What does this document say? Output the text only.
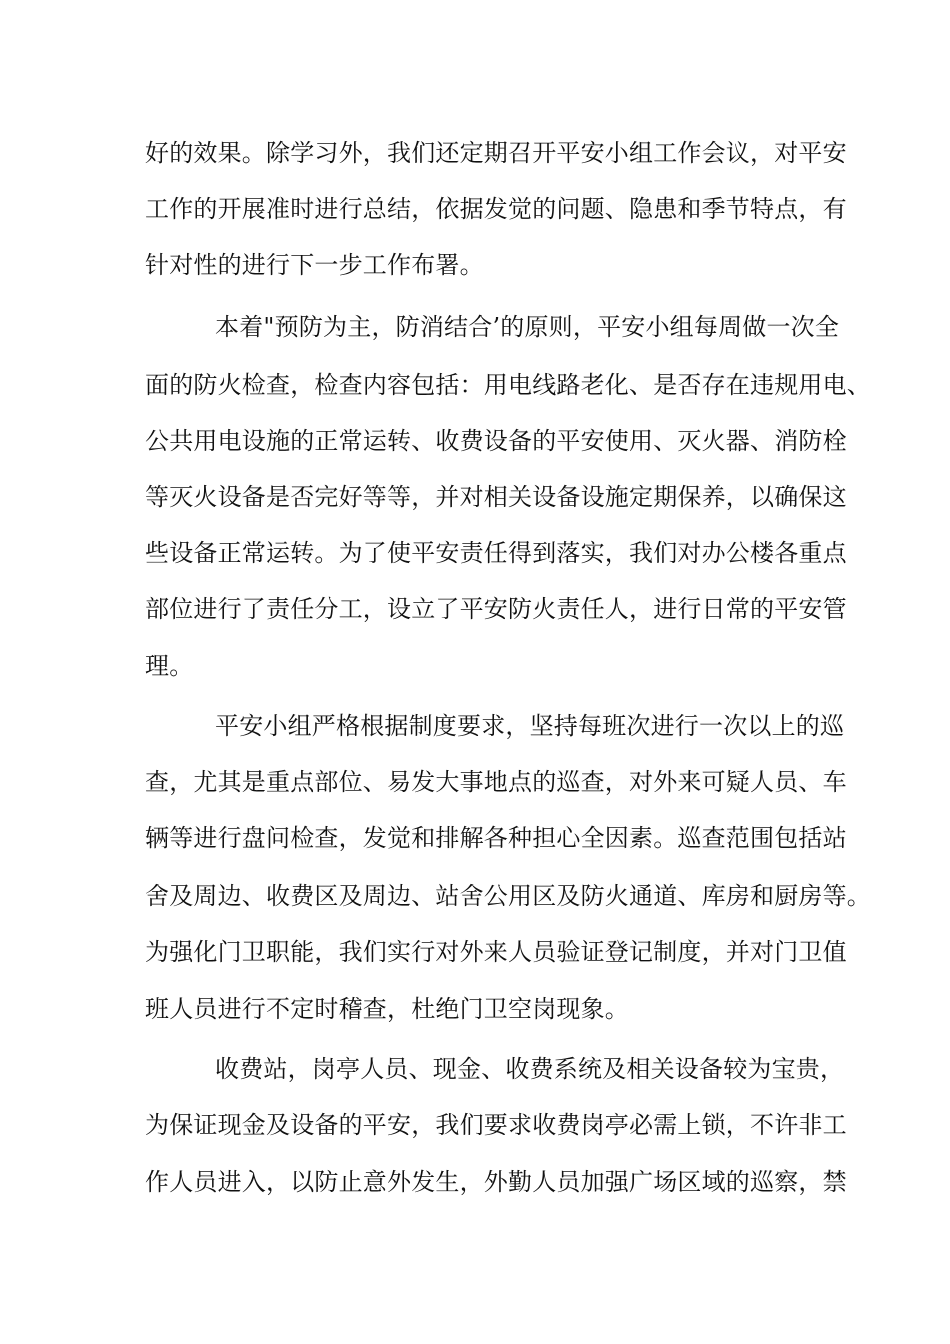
好的效果。除学习外，我们还定期召开平安小组工作会议，对平安
工作的开展准时进行总结，依据发觉的问题、隐患和季节特点，有
针对性的进行下一步工作布署。
本着"预防为主，防消结合’的原则，平安小组每周做一次全
面的防火检查，检查内容包括：用电线路老化、是否存在违规用电、
公共用电设施的正常运转、收费设备的平安使用、灭火器、消防栓
等灭火设备是否完好等等，并对相关设备设施定期保养，以确保这
些设备正常运转。为了使平安责任得到落实，我们对办公楼各重点
部位进行了责任分工，设立了平安防火责任人，进行日常的平安管
理。
平安小组严格根据制度要求，坚持每班次进行一次以上的巡
查，尤其是重点部位、易发大事地点的巡查，对外来可疑人员、车
辆等进行盘问检查，发觉和排解各种担心全因素。巡查范围包括站
舍及周边、收费区及周边、站舍公用区及防火通道、库房和厨房等。
为强化门卫职能，我们实行对外来人员验证登记制度，并对门卫值
班人员进行不定时稽查，杜绝门卫空岗现象。
收费站，岗亭人员、现金、收费系统及相关设备较为宝贵，
为保证现金及设备的平安，我们要求收费岗亭必需上锁，不许非工
作人员进入，以防止意外发生，外勤人员加强广场区域的巡察，禁
